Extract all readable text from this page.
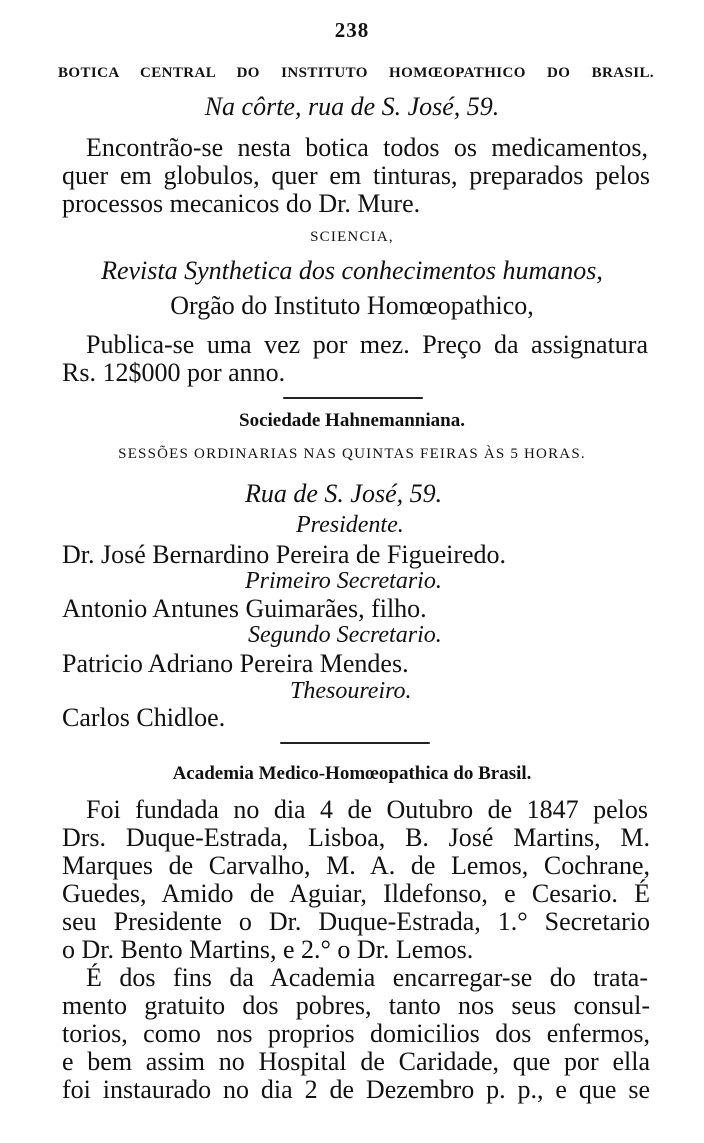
238
BOTICA CENTRAL DO INSTITUTO HOMŒOPATHICO DO BRASIL.
Na côrte, rua de S. José, 59.
Encontrão-se nesta botica todos os medicamentos,
quer em globulos, quer em tinturas, preparados pelos
processos mecanicos do Dr. Mure.
SCIENCIA,
Revista Synthetica dos conhecimentos humanos,
Orgão do Instituto Homœopathico,
Publica-se uma vez por mez. Preço da assignatura
Rs. 12$000 por anno.
Sociedade Hahnemanniana.
SESSÕES ORDINARIAS NAS QUINTAS FEIRAS ÀS 5 HORAS.
Rua de S. José, 59.
Presidente.
Dr. José Bernardino Pereira de Figueiredo.
Primeiro Secretario.
Antonio Antunes Guimarães, filho.
Segundo Secretario.
Patricio Adriano Pereira Mendes.
Thesoureiro.
Carlos Chidloe.
Academia Medico-Homœopathica do Brasil.
Foi fundada no dia 4 de Outubro de 1847 pelos
Drs. Duque-Estrada, Lisboa, B. José Martins, M.
Marques de Carvalho, M. A. de Lemos, Cochrane,
Guedes, Amido de Aguiar, Ildefonso, e Cesario. É
seu Presidente o Dr. Duque-Estrada, 1.° Secretario
o Dr. Bento Martins, e 2.° o Dr. Lemos.
É dos fins da Academia encarregar-se do trata-
mento gratuito dos pobres, tanto nos seus consul-
torios, como nos proprios domicilios dos enfermos,
e bem assim no Hospital de Caridade, que por ella
foi instaurado no dia 2 de Dezembro p. p., e que se
